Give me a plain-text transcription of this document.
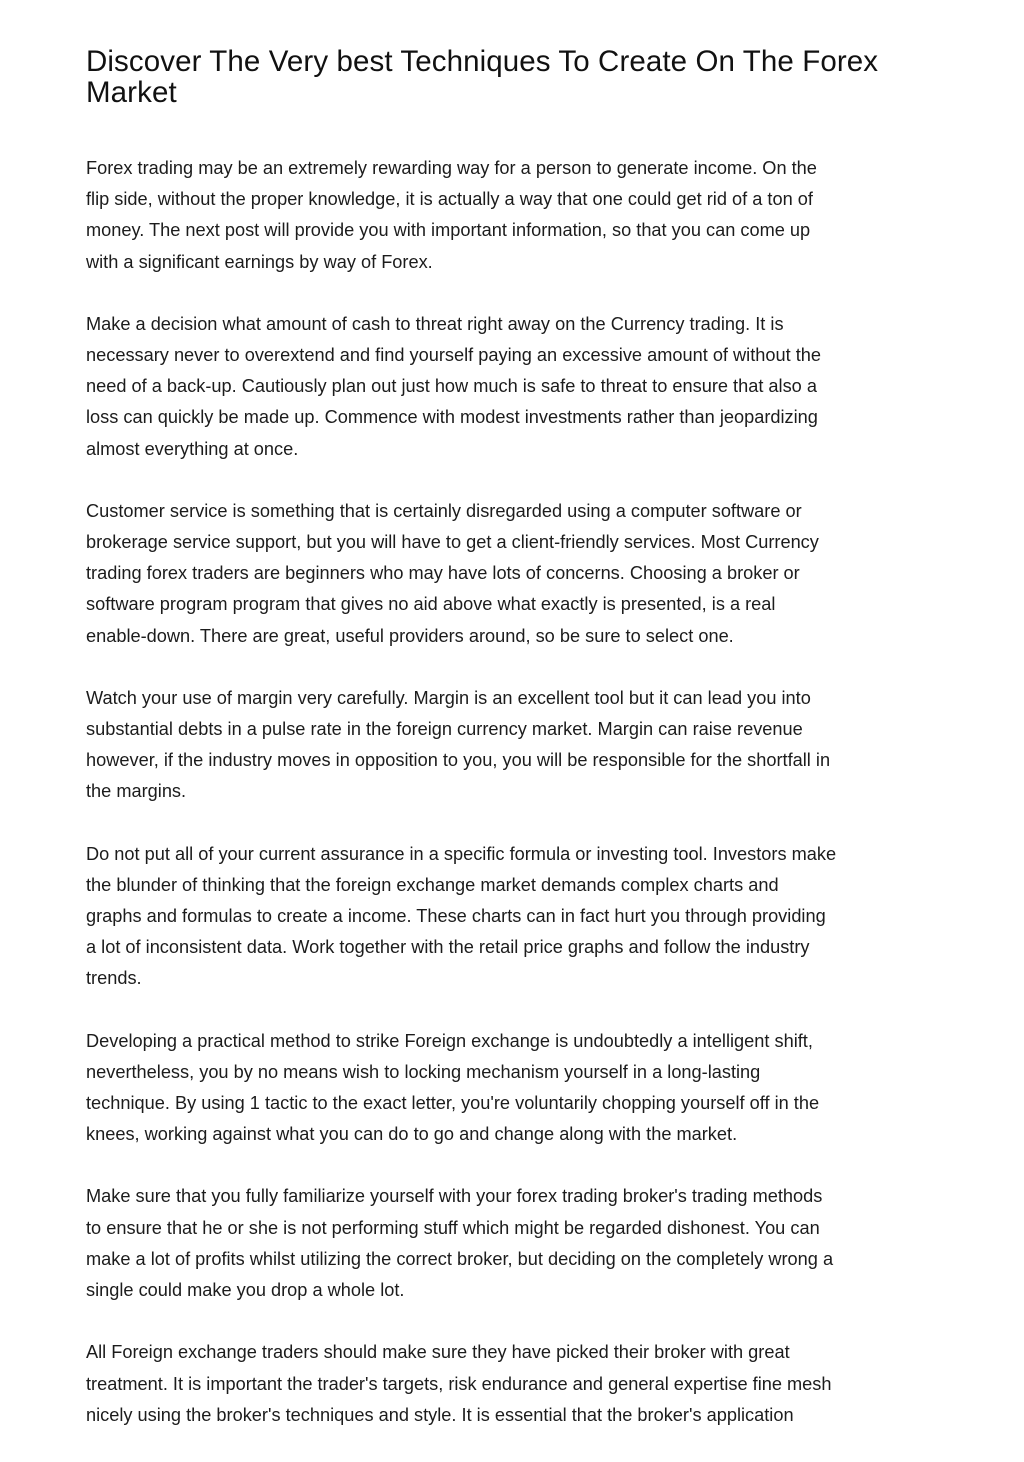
Discover The Very best Techniques To Create On The Forex
Market

Forex trading may be an extremely rewarding way for a person to generate income. On the
flip side, without the proper knowledge, it is actually a way that one could get rid of a ton of
money. The next post will provide you with important information, so that you can come up
with a significant earnings by way of Forex.

Make a decision what amount of cash to threat right away on the Currency trading. It is
necessary never to overextend and find yourself paying an excessive amount of without the
need of a back-up. Cautiously plan out just how much is safe to threat to ensure that also a
loss can quickly be made up. Commence with modest investments rather than jeopardizing
almost everything at once.

Customer service is something that is certainly disregarded using a computer software or
brokerage service support, but you will have to get a client-friendly services. Most Currency
trading forex traders are beginners who may have lots of concerns. Choosing a broker or
software program program that gives no aid above what exactly is presented, is a real
enable-down. There are great, useful providers around, so be sure to select one.

Watch your use of margin very carefully. Margin is an excellent tool but it can lead you into
substantial debts in a pulse rate in the foreign currency market. Margin can raise revenue
however, if the industry moves in opposition to you, you will be responsible for the shortfall in
the margins.

Do not put all of your current assurance in a specific formula or investing tool. Investors make
the blunder of thinking that the foreign exchange market demands complex charts and
graphs and formulas to create a income. These charts can in fact hurt you through providing
a lot of inconsistent data. Work together with the retail price graphs and follow the industry
trends.

Developing a practical method to strike Foreign exchange is undoubtedly a intelligent shift,
nevertheless, you by no means wish to locking mechanism yourself in a long-lasting
technique. By using 1 tactic to the exact letter, you're voluntarily chopping yourself off in the
knees, working against what you can do to go and change along with the market.

Make sure that you fully familiarize yourself with your forex trading broker's trading methods
to ensure that he or she is not performing stuff which might be regarded dishonest. You can
make a lot of profits whilst utilizing the correct broker, but deciding on the completely wrong a
single could make you drop a whole lot.

All Foreign exchange traders should make sure they have picked their broker with great
treatment. It is important the trader's targets, risk endurance and general expertise fine mesh
nicely using the broker's techniques and style. It is essential that the broker's application
